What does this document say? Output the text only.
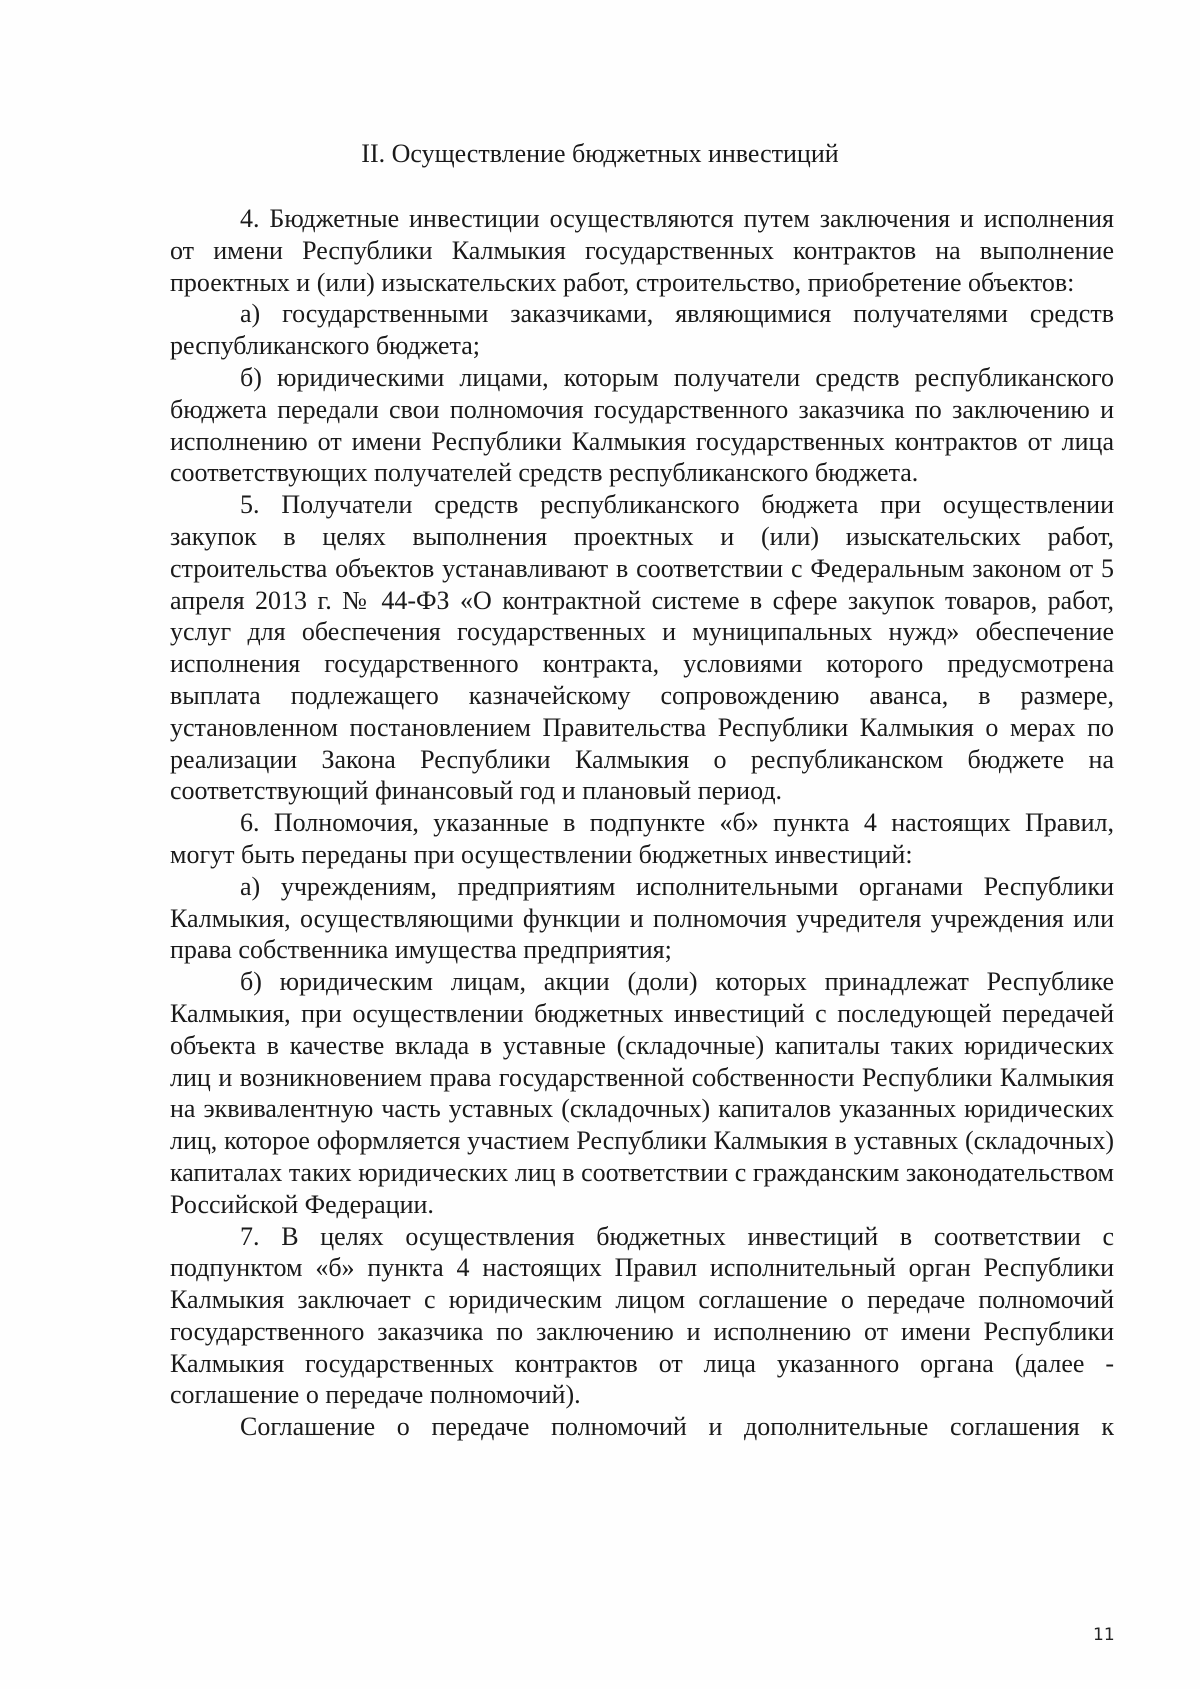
II. Осуществление бюджетных инвестиций

4. Бюджетные инвестиции осуществляются путем заключения и исполнения от имени Республики Калмыкия государственных контрактов на выполнение проектных и (или) изыскательских работ, строительство, приобретение объектов:

а) государственными заказчиками, являющимися получателями средств республиканского бюджета;

б) юридическими лицами, которым получатели средств республиканского бюджета передали свои полномочия государственного заказчика по заключению и исполнению от имени Республики Калмыкия государственных контрактов от лица соответствующих получателей средств республиканского бюджета.

5. Получатели средств республиканского бюджета при осуществлении закупок в целях выполнения проектных и (или) изыскательских работ, строительства объектов устанавливают в соответствии с Федеральным законом от 5 апреля 2013 г. № 44-ФЗ «О контрактной системе в сфере закупок товаров, работ, услуг для обеспечения государственных и муниципальных нужд» обеспечение исполнения государственного контракта, условиями которого предусмотрена выплата подлежащего казначейскому сопровождению аванса, в размере, установленном постановлением Правительства Республики Калмыкия о мерах по реализации Закона Республики Калмыкия о республиканском бюджете на соответствующий финансовый год и плановый период.

6. Полномочия, указанные в подпункте «б» пункта 4 настоящих Правил, могут быть переданы при осуществлении бюджетных инвестиций:

а) учреждениям, предприятиям исполнительными органами Республики Калмыкия, осуществляющими функции и полномочия учредителя учреждения или права собственника имущества предприятия;

б) юридическим лицам, акции (доли) которых принадлежат Республике Калмыкия, при осуществлении бюджетных инвестиций с последующей передачей объекта в качестве вклада в уставные (складочные) капиталы таких юридических лиц и возникновением права государственной собственности Республики Калмыкия на эквивалентную часть уставных (складочных) капиталов указанных юридических лиц, которое оформляется участием Республики Калмыкия в уставных (складочных) капиталах таких юридических лиц в соответствии с гражданским законодательством Российской Федерации.

7. В целях осуществления бюджетных инвестиций в соответствии с подпунктом «б» пункта 4 настоящих Правил исполнительный орган Республики Калмыкия заключает с юридическим лицом соглашение о передаче полномочий государственного заказчика по заключению и исполнению от имени Республики Калмыкия государственных контрактов от лица указанного органа (далее - соглашение о передаче полномочий).

Соглашение о передаче полномочий и дополнительные соглашения к

11
